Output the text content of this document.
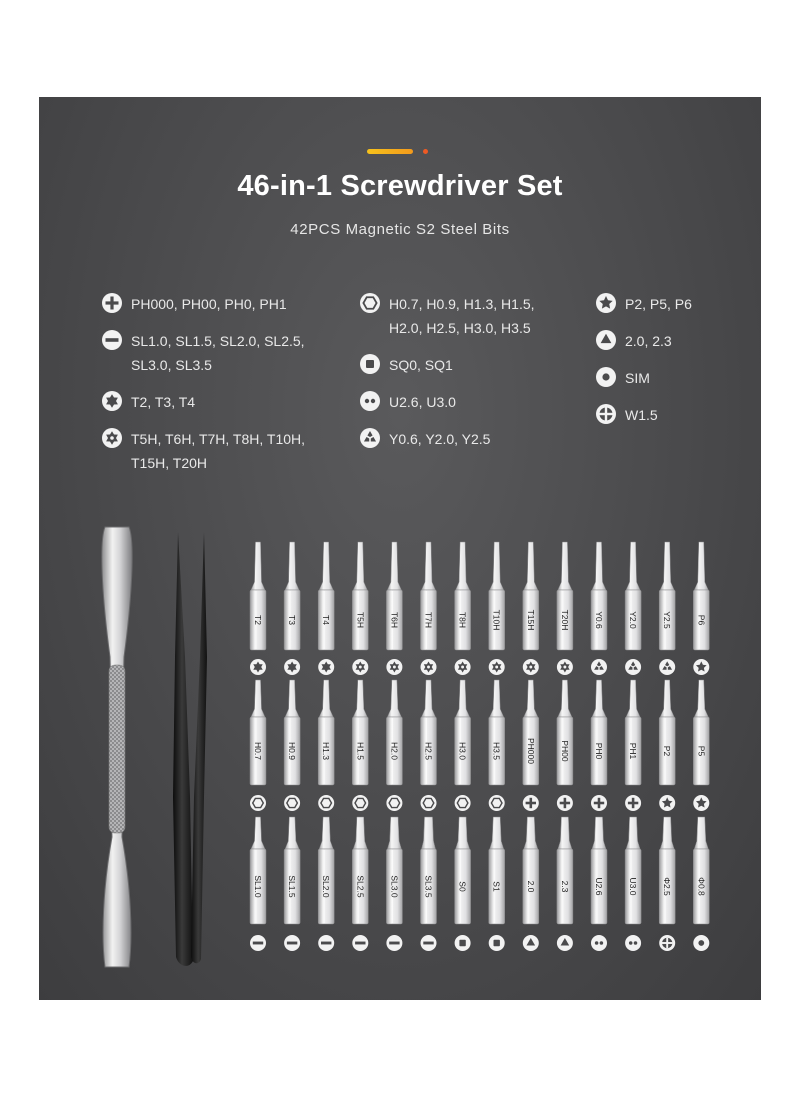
46-in-1 Screwdriver Set
42PCS Magnetic S2 Steel Bits
PH000, PH00, PH0, PH1
SL1.0, SL1.5, SL2.0, SL2.5, SL3.0, SL3.5
T2, T3, T4
T5H, T6H, T7H, T8H, T10H, T15H, T20H
H0.7, H0.9, H1.3, H1.5, H2.0, H2.5, H3.0, H3.5
SQ0, SQ1
U2.6, U3.0
Y0.6, Y2.0, Y2.5
P2, P5, P6
2.0, 2.3
SIM
W1.5
T2	T3	T4	T5H	T6H	T7H	T8H	T10H	T15H	T20H	Y0.6	Y2.0	Y2.5	P6
H0.7	H0.9	H1.3	H1.5	H2.0	H2.5	H3.0	H3.5	PH000	PH00	PH0	PH1	P2	P5
SL1.0	SL1.5	SL2.0	SL2.5	SL3.0	SL3.5	S0	S1	2.0	2.3	U2.6	U3.0	Φ2.5	Φ0.8
